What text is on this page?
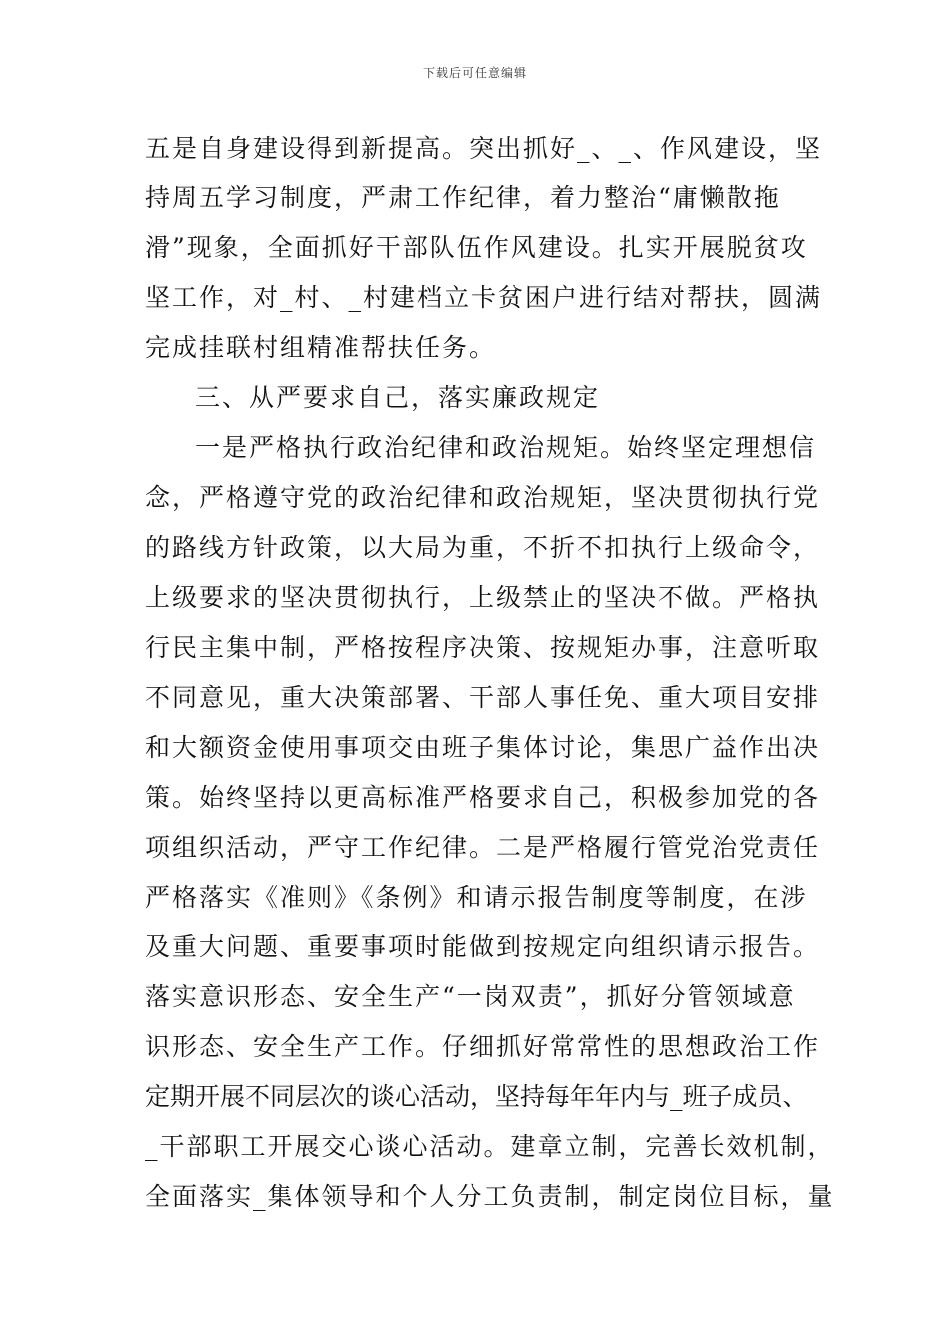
下载后可任意编辑
五是自身建设得到新提高。突出抓好_、_、作风建设，坚
持周五学习制度，严肃工作纪律，着力整治“庸懒散拖
滑”现象，全面抓好干部队伍作风建设。扎实开展脱贫攻
坚工作，对_村、_村建档立卡贫困户进行结对帮扶，圆满
完成挂联村组精准帮扶任务。
三、从严要求自己，落实廉政规定
一是严格执行政治纪律和政治规矩。始终坚定理想信
念，严格遵守党的政治纪律和政治规矩，坚决贯彻执行党
的路线方针政策，以大局为重，不折不扣执行上级命令，
上级要求的坚决贯彻执行，上级禁止的坚决不做。严格执
行民主集中制，严格按程序决策、按规矩办事，注意听取
不同意见，重大决策部署、干部人事任免、重大项目安排
和大额资金使用事项交由班子集体讨论，集思广益作出决
策。始终坚持以更高标准严格要求自己，积极参加党的各
项组织活动，严守工作纪律。二是严格履行管党治党责任
严格落实《准则》《条例》和请示报告制度等制度，在涉
及重大问题、重要事项时能做到按规定向组织请示报告。
落实意识形态、安全生产“一岗双责”，抓好分管领域意
识形态、安全生产工作。仔细抓好常常性的思想政治工作
定期开展不同层次的谈心活动，坚持每年年内与_班子成员、
_干部职工开展交心谈心活动。建章立制，完善长效机制，
全面落实_集体领导和个人分工负责制，制定岗位目标，量
